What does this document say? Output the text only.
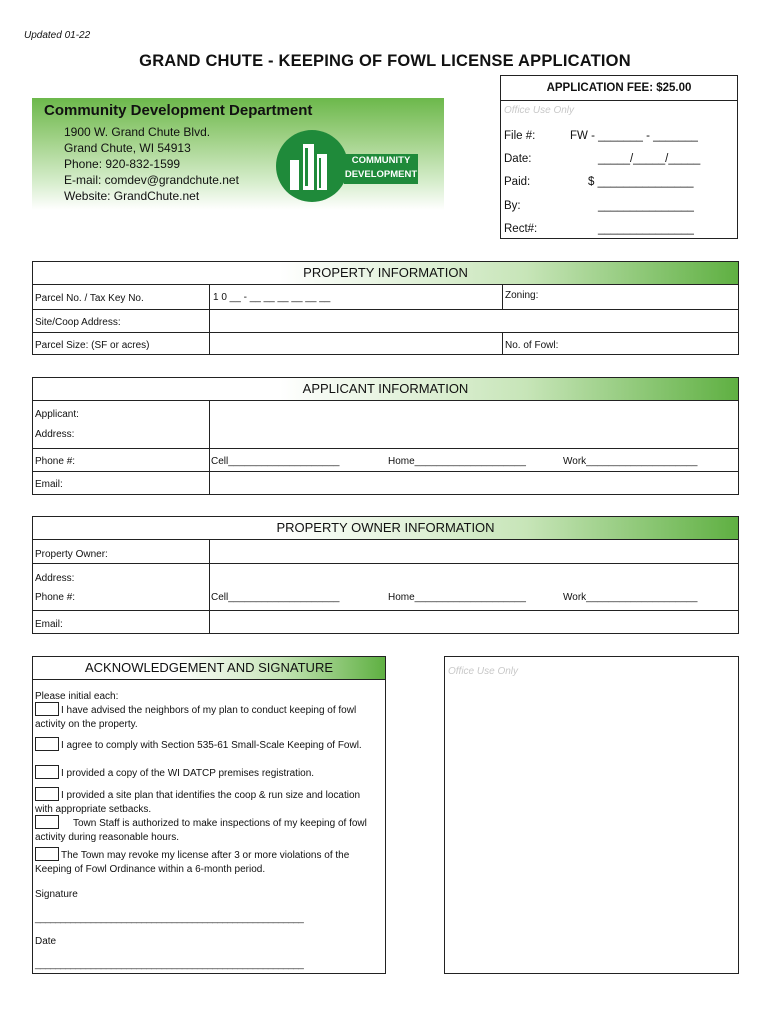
Updated 01-22
GRAND CHUTE - KEEPING OF FOWL LICENSE APPLICATION
APPLICATION FEE: $25.00
Office Use Only
File #:	FW - _______ - _______
Date:	_____/_____/_____
Paid:	$ _______________
By:	_______________
Rect#:	_______________
Community Development Department
1900 W. Grand Chute Blvd.
Grand Chute, WI 54913
Phone: 920-832-1599
E-mail: comdev@grandchute.net
Website: GrandChute.net
COMMUNITY
DEVELOPMENT
PROPERTY INFORMATION
Parcel No. / Tax Key No.	1 0 __ - __ __ __ __ __ __	Zoning:
Site/Coop Address:
Parcel Size: (SF or acres)	No. of Fowl:
APPLICANT INFORMATION
Applicant:
Address:
Phone #:	Cell____________________	Home____________________	Work____________________
Email:
PROPERTY OWNER INFORMATION
Property Owner:
Address:
Phone #:	Cell____________________	Home____________________	Work____________________
Email:
ACKNOWLEDGEMENT AND SIGNATURE
Please initial each:
I have advised the neighbors of my plan to conduct keeping of fowl
activity on the property.
I agree to comply with Section 535-61 Small-Scale Keeping of Fowl.
I provided a copy of the WI DATCP premises registration.
I provided a site plan that identifies the coop & run size and location
with appropriate setbacks.
Town Staff is authorized to make inspections of my keeping of fowl
activity during reasonable hours.
The Town may revoke my license after 3 or more violations of the
Keeping of Fowl Ordinance within a 6-month period.
Signature
_____________________________________________________
Date
_____________________________________________________
Office Use Only
